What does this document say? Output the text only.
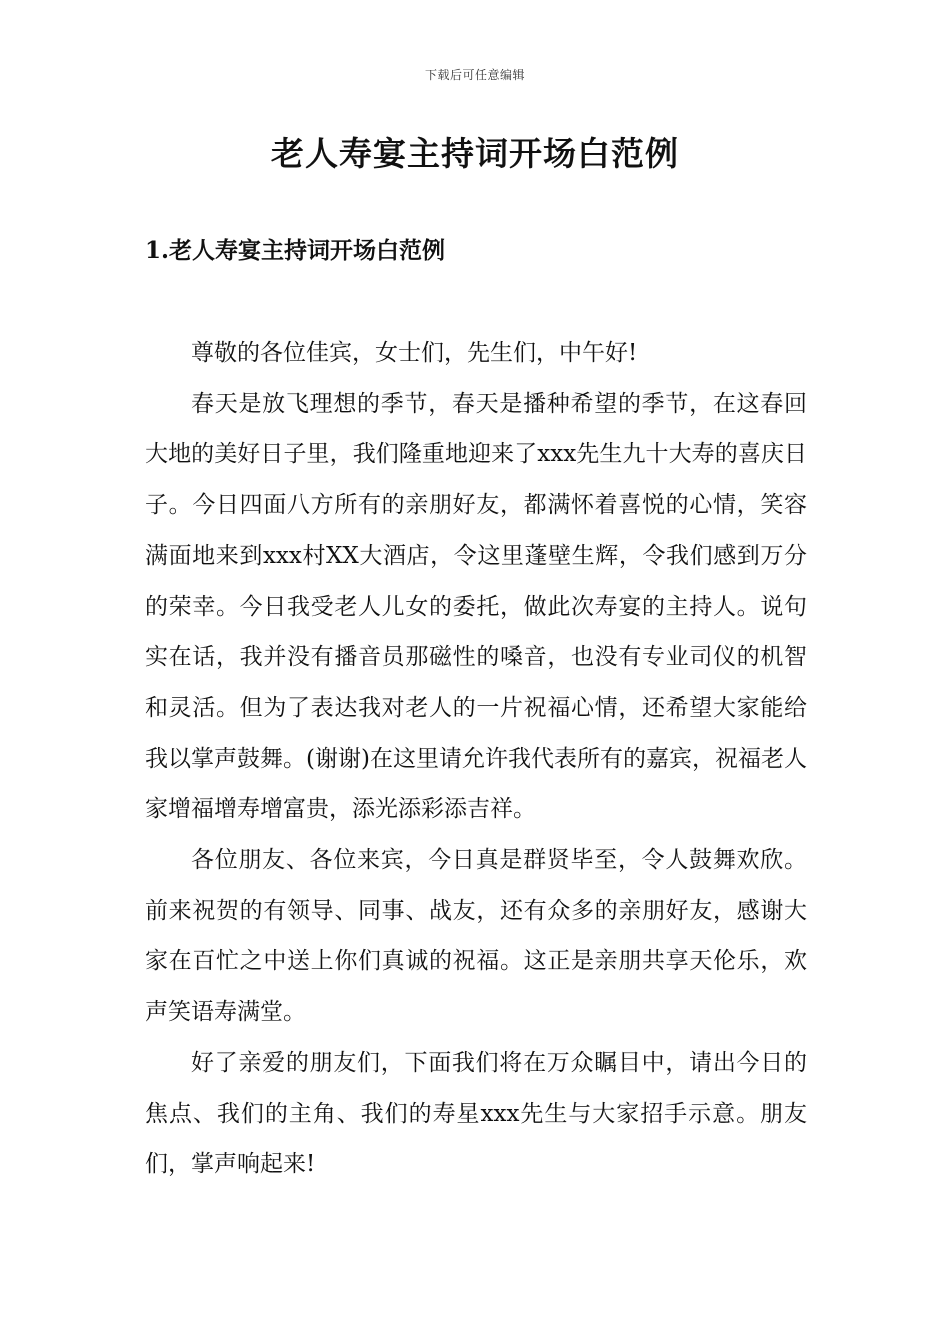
下载后可任意编辑
老人寿宴主持词开场白范例
1.老人寿宴主持词开场白范例

尊敬的各位佳宾，女士们，先生们，中午好!

春天是放飞理想的季节，春天是播种希望的季节，在这春回大地的美好日子里，我们隆重地迎来了xxx先生九十大寿的喜庆日子。今日四面八方所有的亲朋好友，都满怀着喜悦的心情，笑容满面地来到xxx村XX大酒店，令这里蓬壁生辉，令我们感到万分的荣幸。今日我受老人儿女的委托，做此次寿宴的主持人。说句实在话，我并没有播音员那磁性的嗓音，也没有专业司仪的机智和灵活。但为了表达我对老人的一片祝福心情，还希望大家能给我以掌声鼓舞。(谢谢)在这里请允许我代表所有的嘉宾，祝福老人家增福增寿增富贵，添光添彩添吉祥。

各位朋友、各位来宾，今日真是群贤毕至，令人鼓舞欢欣。前来祝贺的有领导、同事、战友，还有众多的亲朋好友，感谢大家在百忙之中送上你们真诚的祝福。这正是亲朋共享天伦乐，欢声笑语寿满堂。

好了亲爱的朋友们，下面我们将在万众瞩目中，请出今日的焦点、我们的主角、我们的寿星xxx先生与大家招手示意。朋友们，掌声响起来!
